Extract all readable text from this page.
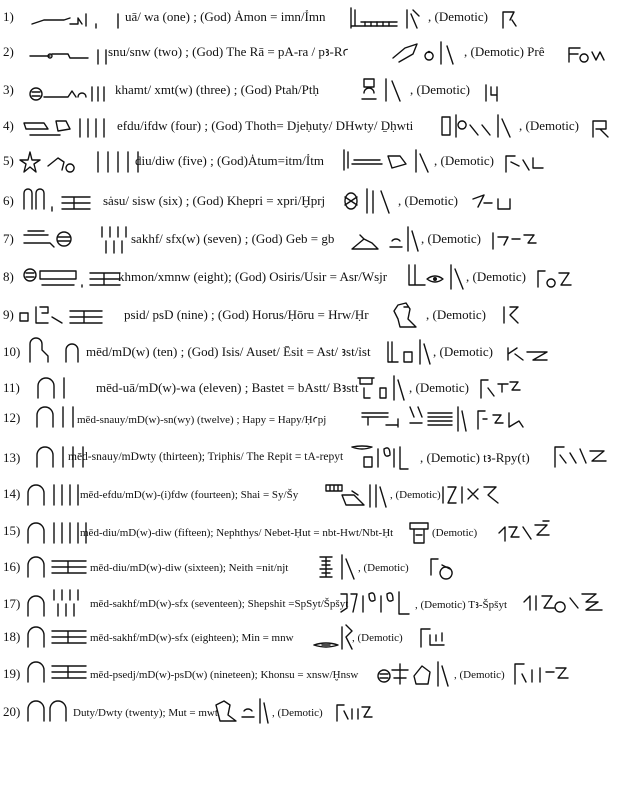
1)	uā/ wa (one) ; (God) Ȧmon = imn/Ỉmn	, (Demotic)
2)	snu/snw (two) ; (God) The Rā = pA-ra / pꜣ-Rꜥ	, (Demotic) Prê
3)	khamt/ xmt(w) (three) ; (God) Ptah/Ptḥ	, (Demotic)
4)	efdu/ifdw (four) ; (God) Thoth= Djeḥuty/ DHwty/ Ḏḥwti	, (Demotic)
5)	diu/diw (five) ; (God)Ȧtum=itm/Ỉtm	, (Demotic)
6)	sȧsu/ sisw (six) ; (God) Khepri = xpri/Ḫprj	, (Demotic)
7)	sakhf/ sfx(w) (seven) ; (God) Geb = gb	, (Demotic)
8)	khmon/xmnw (eight); (God) Osiris/Usir = Asr/Wsjr	, (Demotic)
9)	psid/ psD (nine) ; (God) Horus/Ḥōru = Hrw/Ḥr	, (Demotic)
10)	mēd/mD(w) (ten) ; (God) Isis/ Auset/ Ēsit = Ast/ ꜣst/ỉst	, (Demotic)
11)	mēd-uā/mD(w)-wa (eleven) ; Bastet = bAstt/ Bꜣstt	, (Demotic)
12)	mēd-snauy/mD(w)-sn(wy) (twelve) ; Hapy = Hapy/Ḥꜥpj
13)	mēd-snauy/mDwty (thirteen); Triphis/ The Repit = tA-repyt	, (Demotic) tꜣ-Rpy(t)
14)	mēd-efdu/mD(w)-(i)fdw (fourteen); Shai = Sy/Šy	, (Demotic)
15)	mēd-diu/mD(w)-diw (fifteen); Nephthys/ Nebet-Ḥut = nbt-Hwt/Nbt-Ḥt	(Demotic)
16)	mēd-diu/mD(w)-diw (sixteen); Neith =nit/njt	, (Demotic)
17)	mēd-sakhf/mD(w)-sfx (seventeen); Shepshit =SpSyt/Špšyt	, (Demotic) Tꜣ-Špšyt
18)	mēd-sakhf/mD(w)-sfx (eighteen); Min = mnw	, (Demotic)
19)	mēd-psedj/mD(w)-psD(w) (nineteen); Khonsu = xnsw/Ḫnsw	, (Demotic)
20)	Duty/Dwty (twenty); Mut = mwt	, (Demotic)
